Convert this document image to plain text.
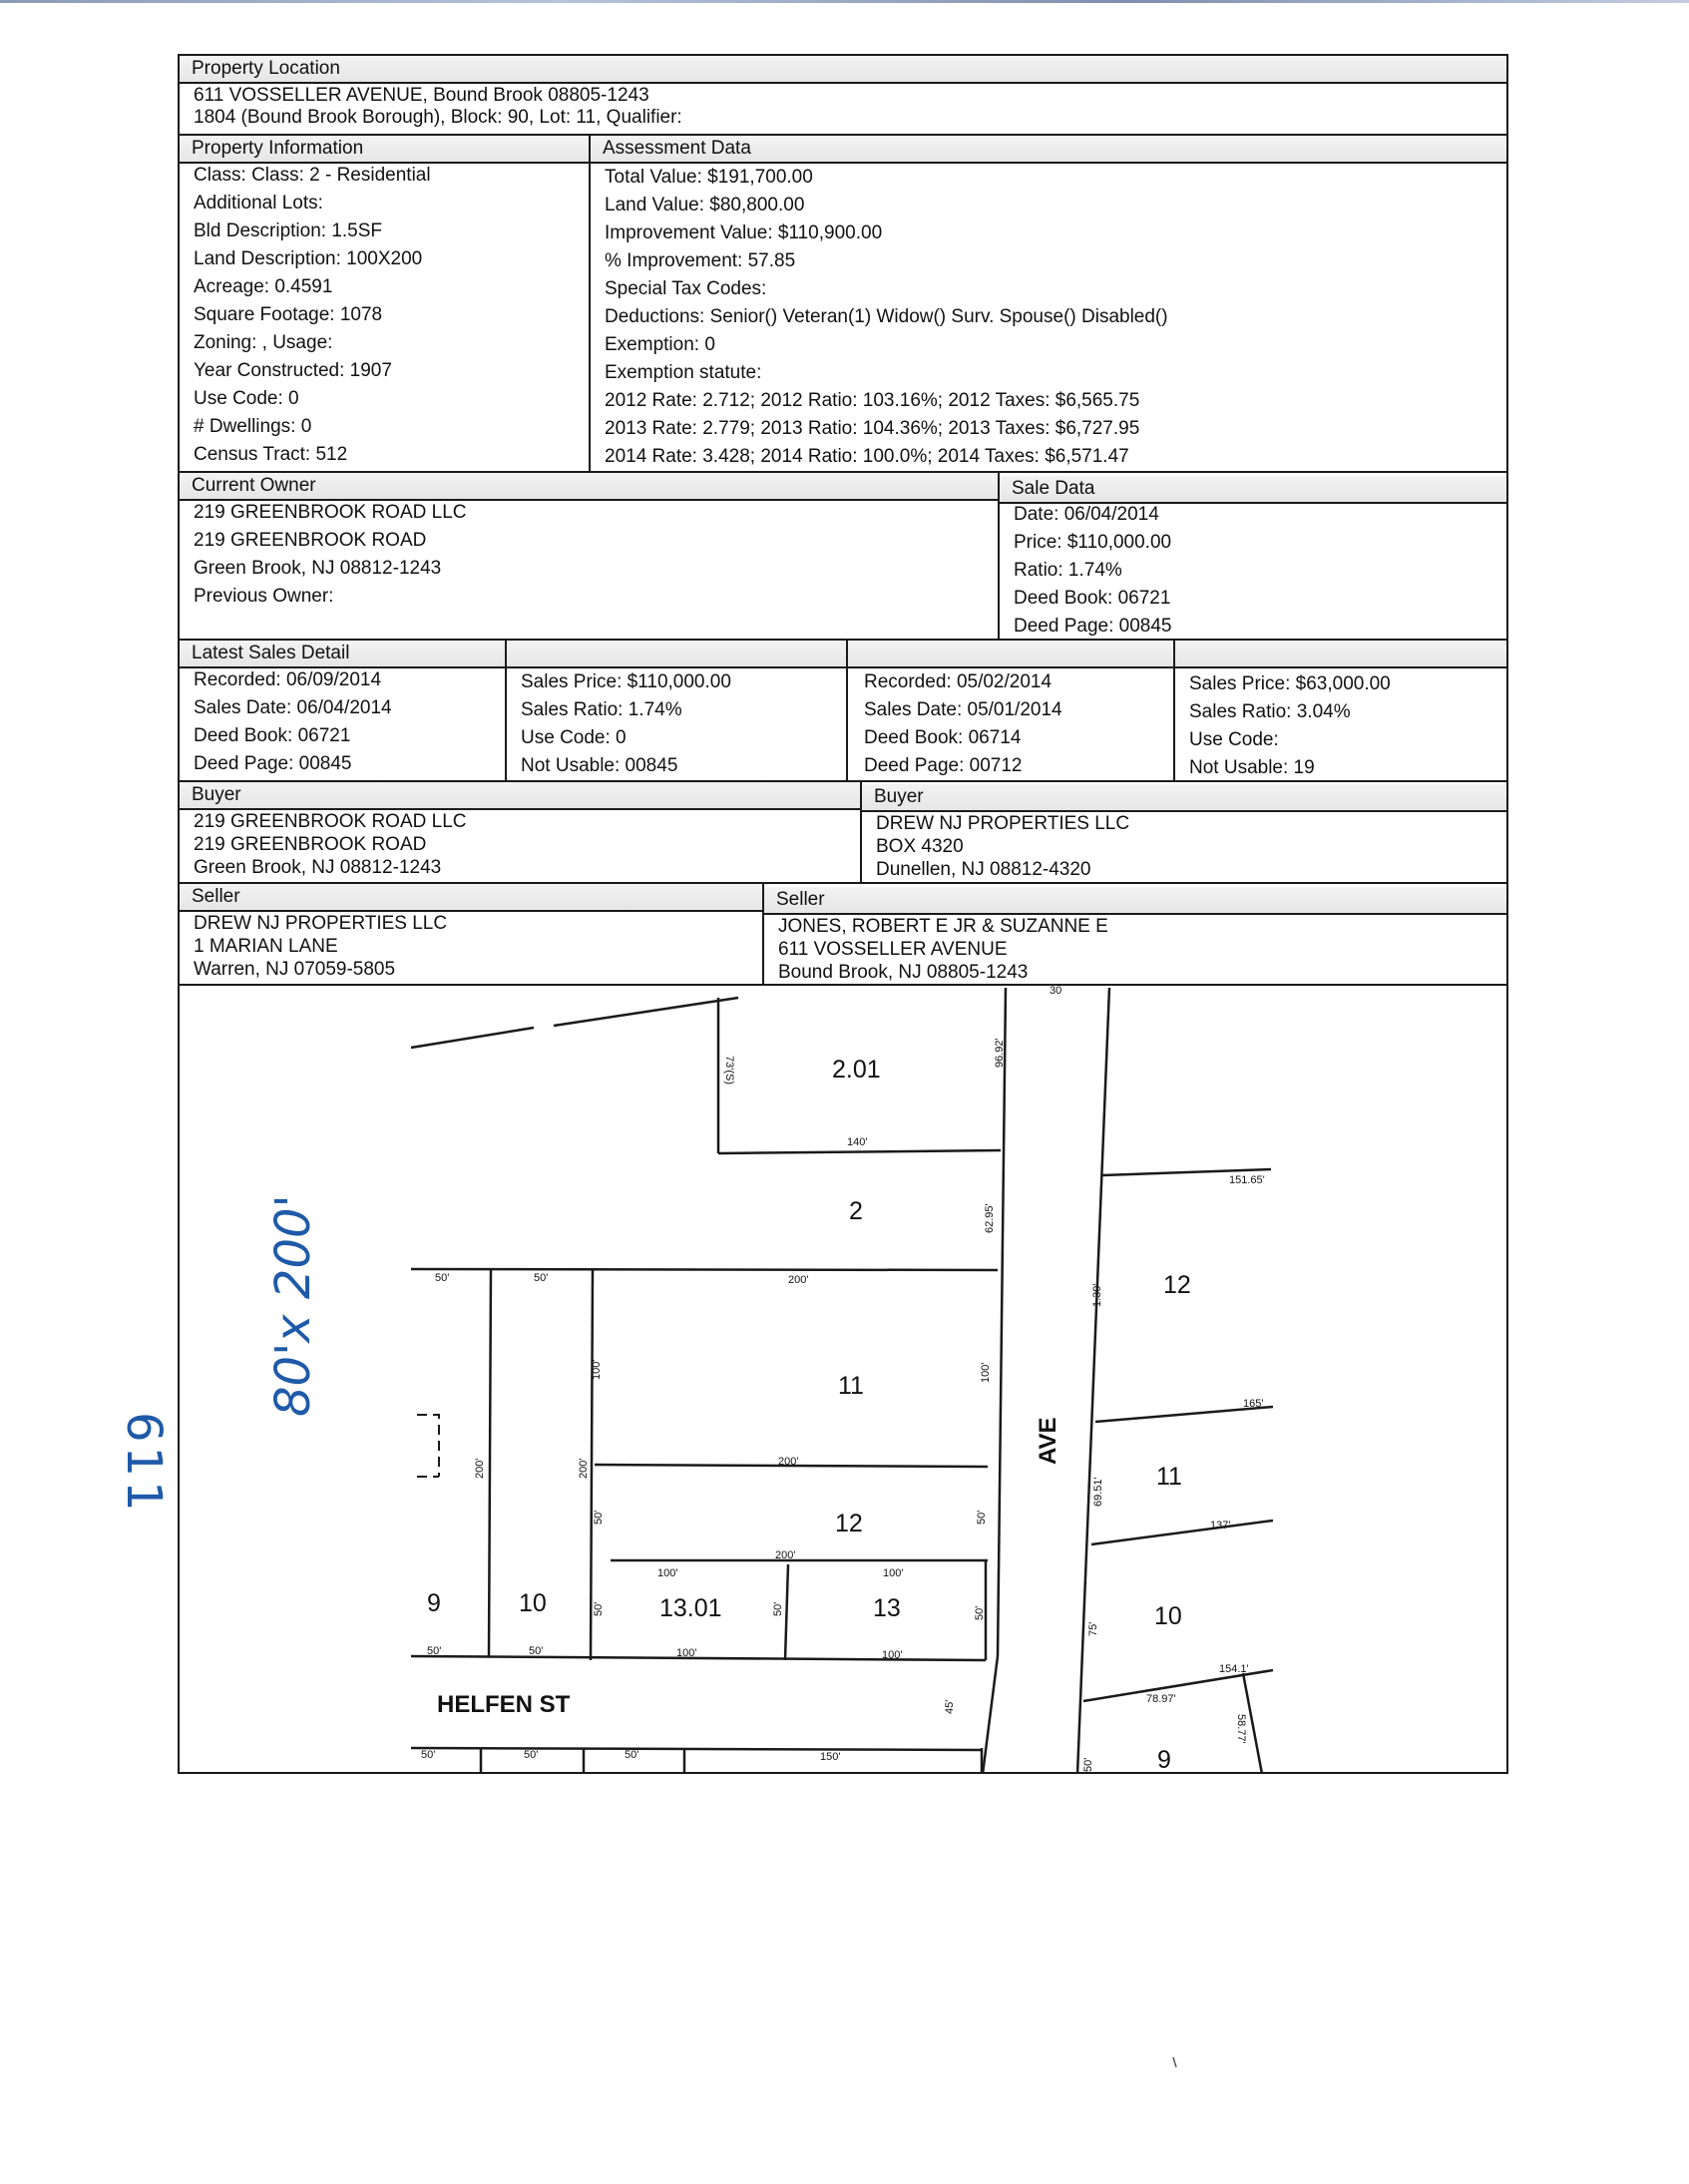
Property Location
611 VOSSELLER AVENUE, Bound Brook 08805-1243
1804 (Bound Brook Borough), Block: 90, Lot: 11, Qualifier:
Property Information	Assessment Data
Class: Class: 2 - Residential
Additional Lots:
Bld Description: 1.5SF
Land Description: 100X200
Acreage: 0.4591
Square Footage: 1078
Zoning: , Usage:
Year Constructed: 1907
Use Code: 0
# Dwellings: 0
Census Tract: 512
Total Value: $191,700.00
Land Value: $80,800.00
Improvement Value: $110,900.00
% Improvement: 57.85
Special Tax Codes:
Deductions: Senior() Veteran(1) Widow() Surv. Spouse() Disabled()
Exemption: 0
Exemption statute:
2012 Rate: 2.712; 2012 Ratio: 103.16%; 2012 Taxes: $6,565.75
2013 Rate: 2.779; 2013 Ratio: 104.36%; 2013 Taxes: $6,727.95
2014 Rate: 3.428; 2014 Ratio: 100.0%; 2014 Taxes: $6,571.47
Current Owner	Sale Data
219 GREENBROOK ROAD LLC
219 GREENBROOK ROAD
Green Brook, NJ 08812-1243
Previous Owner:
Date: 06/04/2014
Price: $110,000.00
Ratio: 1.74%
Deed Book: 06721
Deed Page: 00845
Latest Sales Detail
Recorded: 06/09/2014
Sales Date: 06/04/2014
Deed Book: 06721
Deed Page: 00845
Sales Price: $110,000.00
Sales Ratio: 1.74%
Use Code: 0
Not Usable: 00845
Recorded: 05/02/2014
Sales Date: 05/01/2014
Deed Book: 06714
Deed Page: 00712
Sales Price: $63,000.00
Sales Ratio: 3.04%
Use Code:
Not Usable: 19
Buyer	Buyer
219 GREENBROOK ROAD LLC
219 GREENBROOK ROAD
Green Brook, NJ 08812-1243
DREW NJ PROPERTIES LLC
BOX 4320
Dunellen, NJ 08812-4320
Seller	Seller
DREW NJ PROPERTIES LLC
1 MARIAN LANE
Warren, NJ 07059-5805
JONES, ROBERT E JR & SUZANNE E
611 VOSSELLER AVENUE
Bound Brook, NJ 08805-1243
2.01
2
11
12
13.01	13
9	10
12
11
10
9
HELFEN ST
AVE
73'(S)
96.92'
140'
62.95'
151.65'
50'	50'	200'
1.30'
100'	100'
165'
200'
200'	200'
69.51'
137'
50'	50'
200'
100'	100'
50'	50'	50'
75'
50'	50'	100'	100'
45'
154.1'
78.97'
58.77'
50'	50'	50'	150'
50'
30
611
80'x 200'
